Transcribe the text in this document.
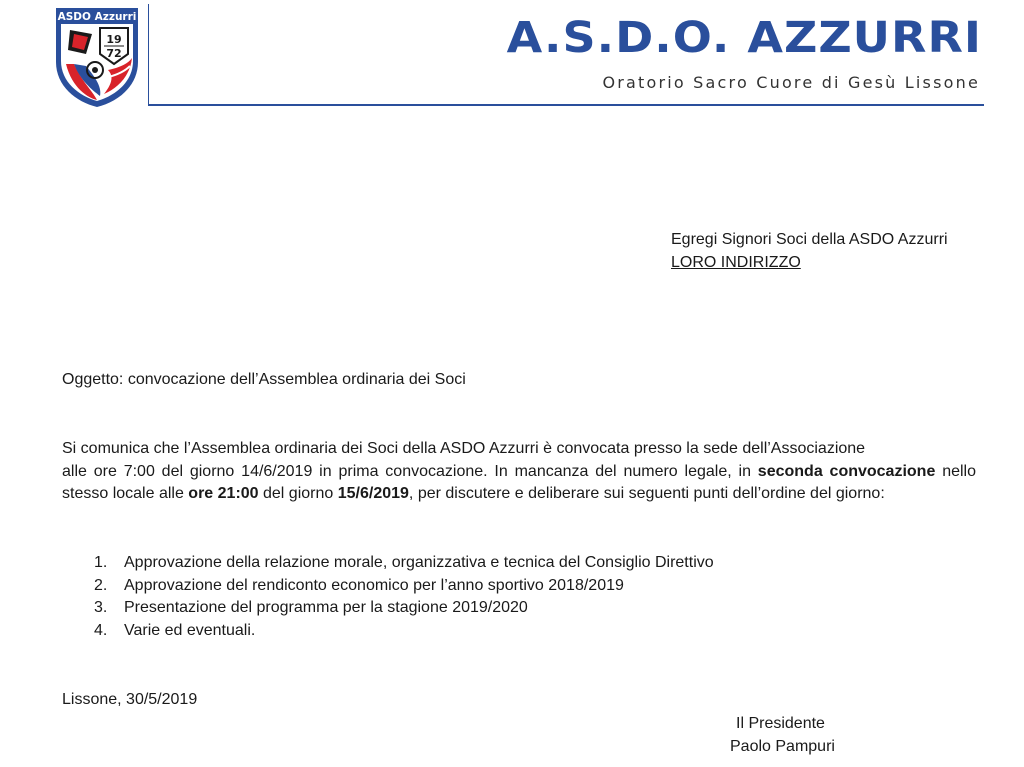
ASDO Azzurri
19
72	A.S.D.O. AZZURRI
Oratorio Sacro Cuore di Gesù Lissone
Egregi Signori Soci della ASDO Azzurri
LORO INDIRIZZO
Oggetto: convocazione dell’Assemblea ordinaria dei Soci
Si comunica che l’Assemblea ordinaria dei Soci della ASDO Azzurri è convocata presso la sede dell’Associazione
alle ore 7:00 del giorno 14/6/2019 in prima convocazione. In mancanza del numero legale, in seconda convocazione nello stesso locale alle ore 21:00 del giorno 15/6/2019, per discutere e deliberare sui seguenti punti dell’ordine del giorno:
1.	Approvazione della relazione morale, organizzativa e tecnica del Consiglio Direttivo
2.	Approvazione del rendiconto economico per l’anno sportivo 2018/2019
3.	Presentazione del programma per la stagione 2019/2020
4.	Varie ed eventuali.
Lissone, 30/5/2019
Il Presidente
Paolo Pampuri
